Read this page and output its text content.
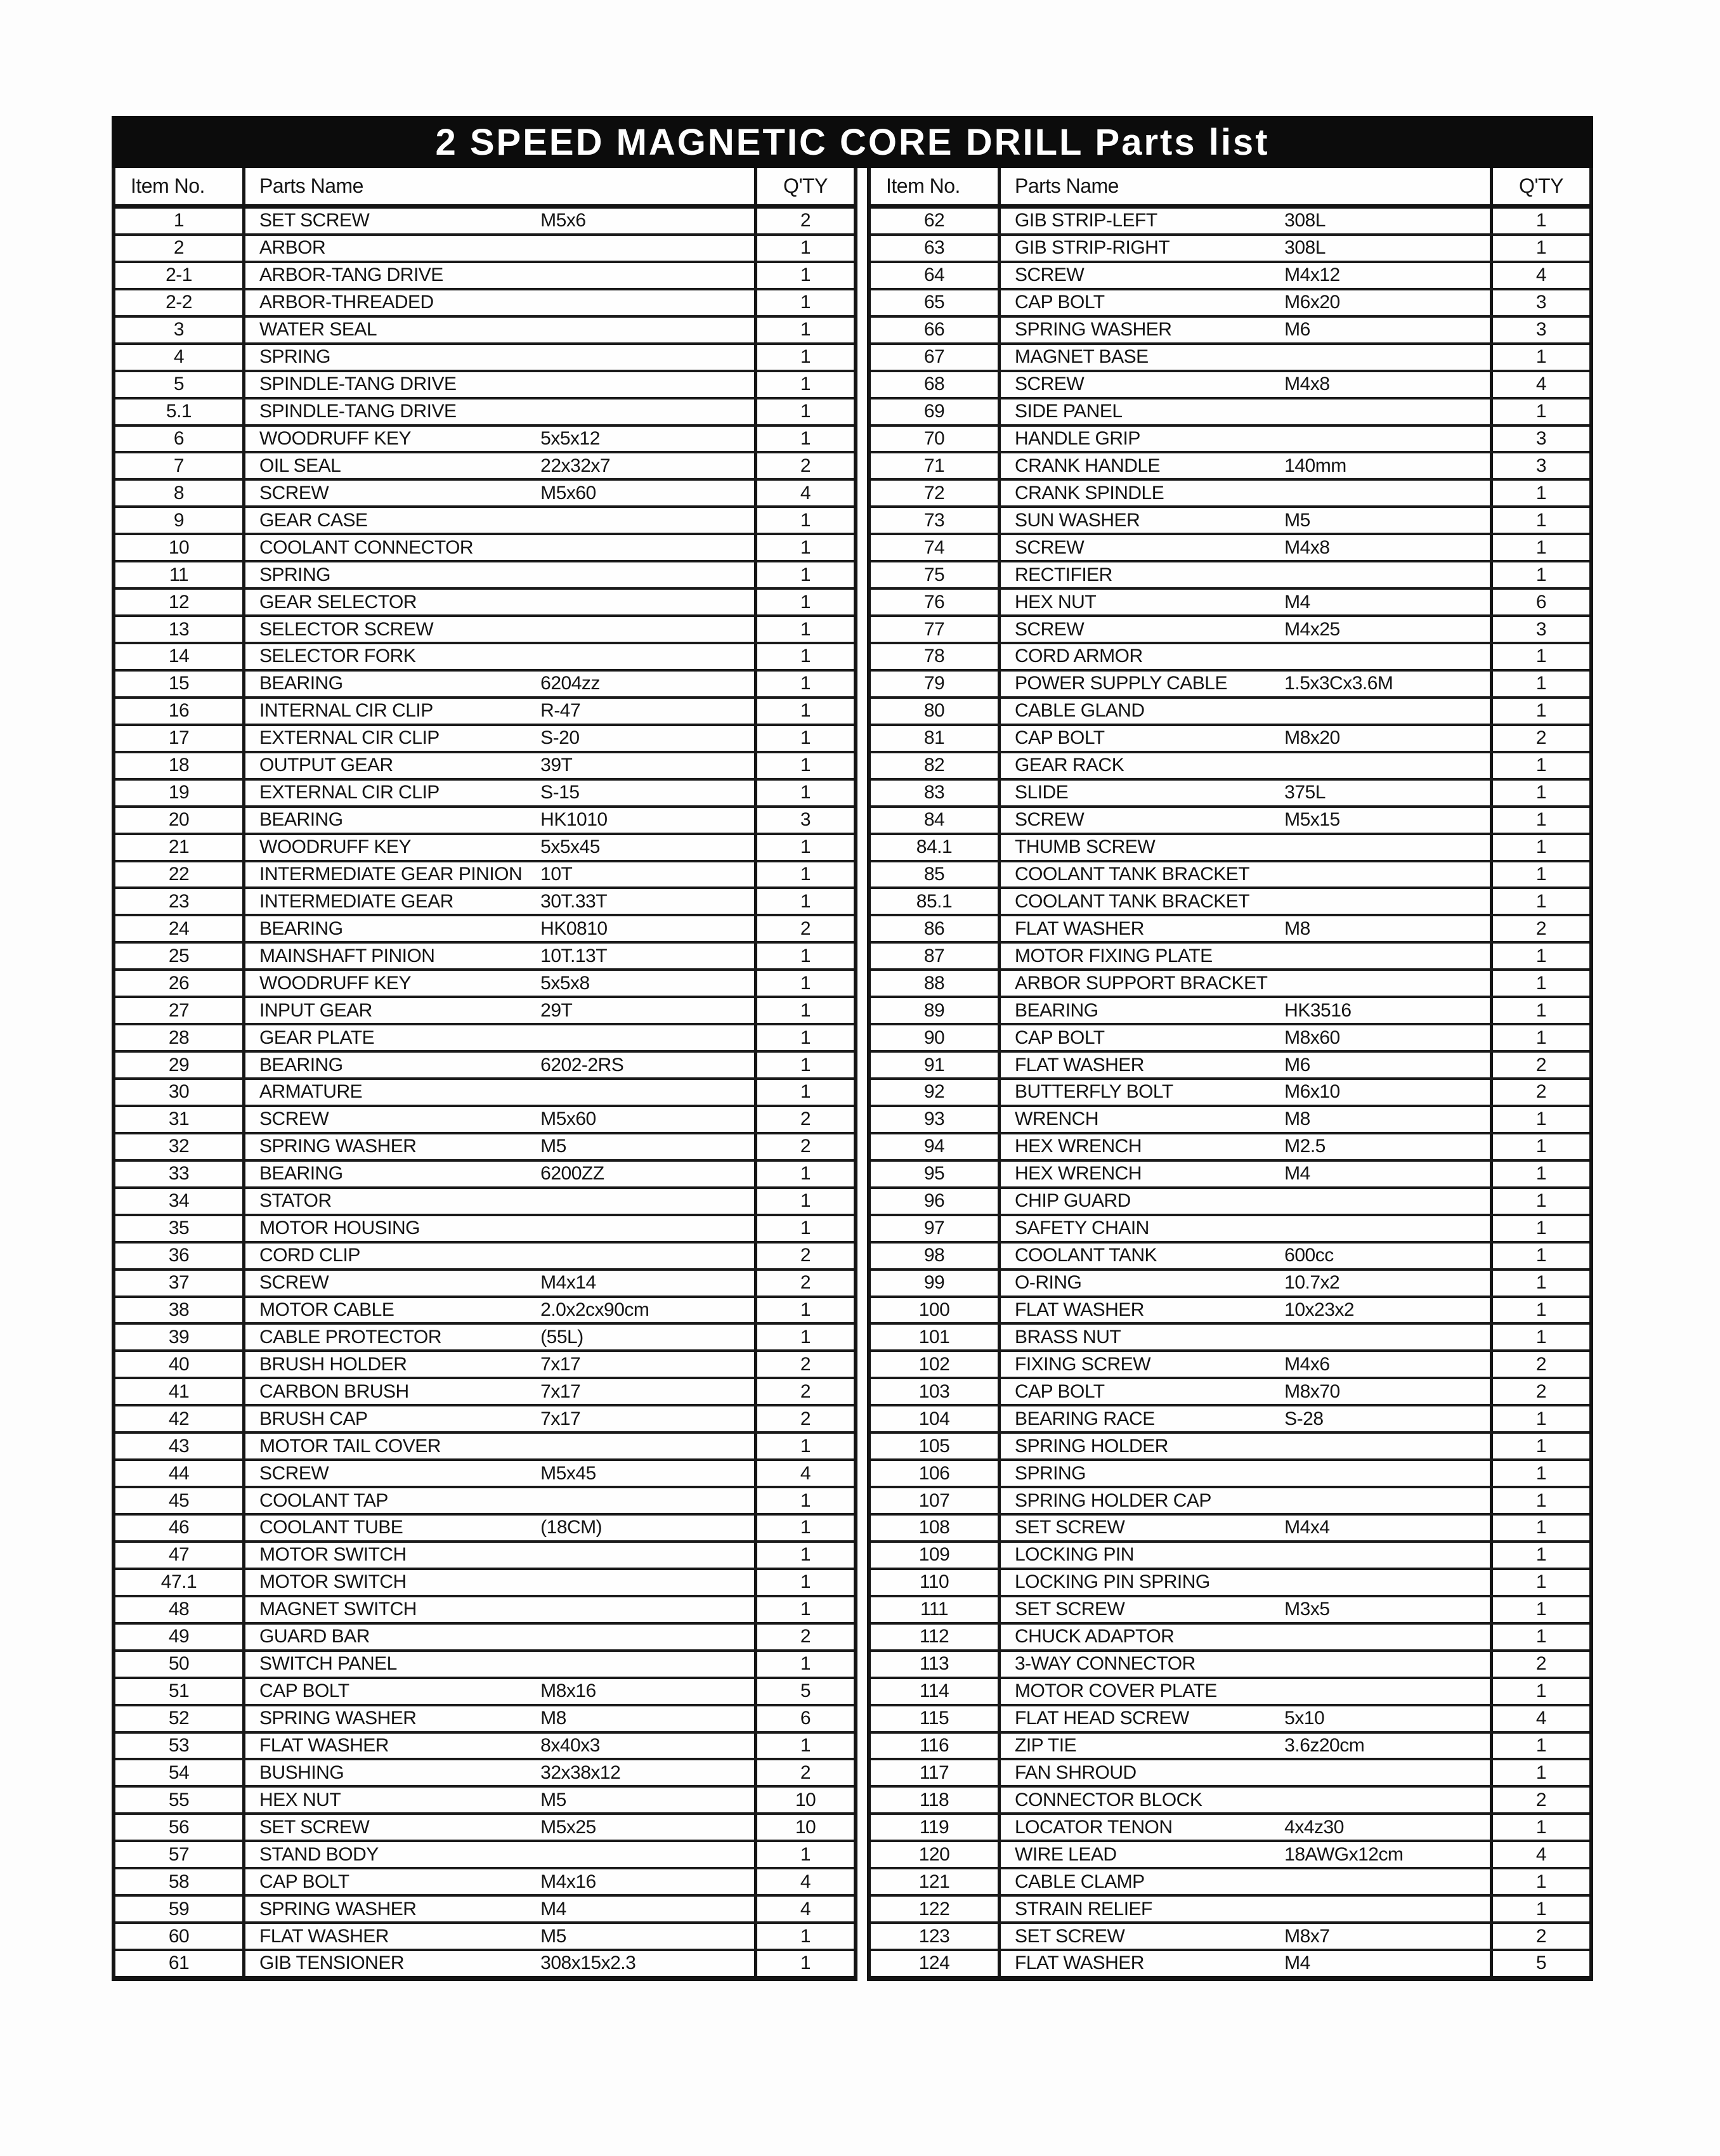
2 SPEED MAGNETIC CORE DRILL Parts list
Item No.	Parts Name	Q'TY	Item No.	Parts Name	Q'TY
1	SET SCREW	M5x6	2
2	ARBOR	1
2-1	ARBOR-TANG DRIVE	1
2-2	ARBOR-THREADED	1
3	WATER SEAL	1
4	SPRING	1
5	SPINDLE-TANG DRIVE	1
5.1	SPINDLE-TANG DRIVE	1
6	WOODRUFF KEY	5x5x12	1
7	OIL SEAL	22x32x7	2
8	SCREW	M5x60	4
9	GEAR CASE	1
10	COOLANT CONNECTOR	1
11	SPRING	1
12	GEAR SELECTOR	1
13	SELECTOR SCREW	1
14	SELECTOR FORK	1
15	BEARING	6204zz	1
16	INTERNAL CIR CLIP	R-47	1
17	EXTERNAL CIR CLIP	S-20	1
18	OUTPUT GEAR	39T	1
19	EXTERNAL CIR CLIP	S-15	1
20	BEARING	HK1010	3
21	WOODRUFF KEY	5x5x45	1
22	INTERMEDIATE GEAR PINION 10T	1
23	INTERMEDIATE GEAR	30T.33T	1
24	BEARING	HK0810	2
25	MAINSHAFT PINION	10T.13T	1
26	WOODRUFF KEY	5x5x8	1
27	INPUT GEAR	29T	1
28	GEAR PLATE	1
29	BEARING	6202-2RS	1
30	ARMATURE	1
31	SCREW	M5x60	2
32	SPRING WASHER	M5	2
33	BEARING	6200ZZ	1
34	STATOR	1
35	MOTOR HOUSING	1
36	CORD CLIP	2
37	SCREW	M4x14	2
38	MOTOR CABLE	2.0x2cx90cm	1
39	CABLE PROTECTOR	(55L)	1
40	BRUSH HOLDER	7x17	2
41	CARBON BRUSH	7x17	2
42	BRUSH CAP	7x17	2
43	MOTOR TAIL COVER	1
44	SCREW	M5x45	4
45	COOLANT TAP	1
46	COOLANT TUBE	(18CM)	1
47	MOTOR SWITCH	1
47.1	MOTOR SWITCH	1
48	MAGNET SWITCH	1
49	GUARD BAR	2
50	SWITCH PANEL	1
51	CAP BOLT	M8x16	5
52	SPRING WASHER	M8	6
53	FLAT WASHER	8x40x3	1
54	BUSHING	32x38x12	2
55	HEX NUT	M5	10
56	SET SCREW	M5x25	10
57	STAND BODY	1
58	CAP BOLT	M4x16	4
59	SPRING WASHER	M4	4
60	FLAT WASHER	M5	1
61	GIB TENSIONER	308x15x2.3	1
62	GIB STRIP-LEFT	308L	1
63	GIB STRIP-RIGHT	308L	1
64	SCREW	M4x12	4
65	CAP BOLT	M6x20	3
66	SPRING WASHER	M6	3
67	MAGNET BASE	1
68	SCREW	M4x8	4
69	SIDE PANEL	1
70	HANDLE GRIP	3
71	CRANK HANDLE	140mm	3
72	CRANK SPINDLE	1
73	SUN WASHER	M5	1
74	SCREW	M4x8	1
75	RECTIFIER	1
76	HEX NUT	M4	6
77	SCREW	M4x25	3
78	CORD ARMOR	1
79	POWER SUPPLY CABLE	1.5x3Cx3.6M	1
80	CABLE GLAND	1
81	CAP BOLT	M8x20	2
82	GEAR RACK	1
83	SLIDE	375L	1
84	SCREW	M5x15	1
84.1	THUMB SCREW	1
85	COOLANT TANK BRACKET	1
85.1	COOLANT TANK BRACKET	1
86	FLAT WASHER	M8	2
87	MOTOR FIXING PLATE	1
88	ARBOR SUPPORT BRACKET	1
89	BEARING	HK3516	1
90	CAP BOLT	M8x60	1
91	FLAT WASHER	M6	2
92	BUTTERFLY BOLT	M6x10	2
93	WRENCH	M8	1
94	HEX WRENCH	M2.5	1
95	HEX WRENCH	M4	1
96	CHIP GUARD	1
97	SAFETY CHAIN	1
98	COOLANT TANK	600cc	1
99	O-RING	10.7x2	1
100	FLAT WASHER	10x23x2	1
101	BRASS NUT	1
102	FIXING SCREW	M4x6	2
103	CAP BOLT	M8x70	2
104	BEARING RACE	S-28	1
105	SPRING HOLDER	1
106	SPRING	1
107	SPRING HOLDER CAP	1
108	SET SCREW	M4x4	1
109	LOCKING PIN	1
110	LOCKING PIN SPRING	1
111	SET SCREW	M3x5	1
112	CHUCK ADAPTOR	1
113	3-WAY CONNECTOR	2
114	MOTOR COVER PLATE	1
115	FLAT HEAD SCREW	5x10	4
116	ZIP TIE	3.6z20cm	1
117	FAN SHROUD	1
118	CONNECTOR BLOCK	2
119	LOCATOR TENON	4x4z30	1
120	WIRE LEAD	18AWGx12cm	4
121	CABLE CLAMP	1
122	STRAIN RELIEF	1
123	SET SCREW	M8x7	2
124	FLAT WASHER	M4	5
